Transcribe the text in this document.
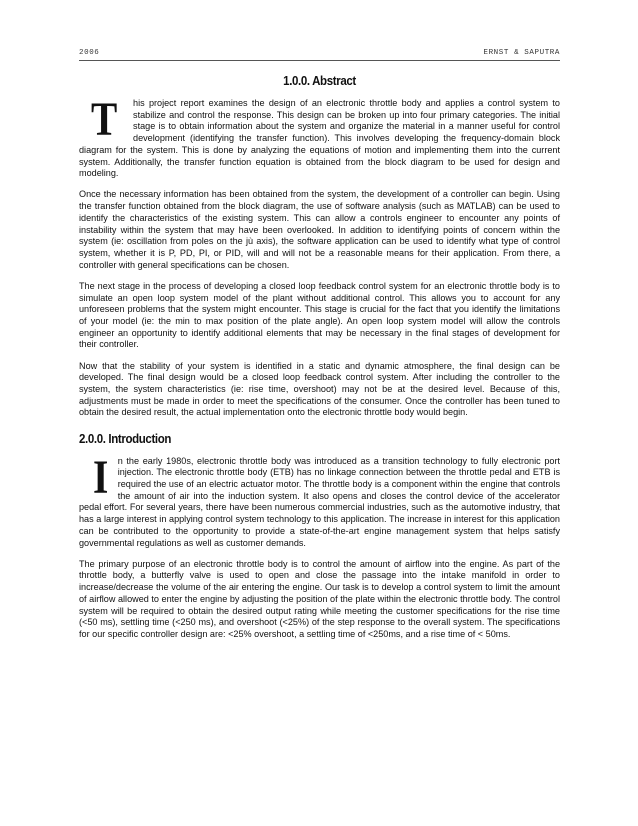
2006	ERNST & SAPUTRA
1.0.0. Abstract

T his project report examines the design of an electronic throttle body and applies a control system to stabilize and control the response. This design can be broken up into four primary categories. The initial stage is to obtain information about the system and organize the material in a manner useful for control development (identifying the transfer function). This involves developing the frequency-domain block diagram for the system. This is done by analyzing the equations of motion and implementing them into the current system. Additionally, the transfer function equation is obtained from the block diagram to be used for design and modeling.

Once the necessary information has been obtained from the system, the development of a controller can begin. Using the transfer function obtained from the block diagram, the use of software analysis (such as MATLAB) can be used to identify the characteristics of the existing system. This can allow a controls engineer to encounter any points of instability within the system that may have been overlooked. In addition to identifying points of concern within the system (ie: oscillation from poles on the jù axis), the software application can be used to identify what type of control system, whether it is P, PD, PI, or PID, will and will not be a reasonable means for their application. From there, a controller with general specifications can be chosen.

The next stage in the process of developing a closed loop feedback control system for an electronic throttle body is to simulate an open loop system model of the plant without additional control. This allows you to account for any unforeseen problems that the system might encounter. This stage is crucial for the fact that you identify the limitations of your model (ie: the min to max position of the plate angle). An open loop system model will allow the controls engineer an opportunity to identify additional elements that may be necessary in the final stages of development for their controller.

Now that the stability of your system is identified in a static and dynamic atmosphere, the final design can be developed. The final design would be a closed loop feedback control system. After including the controller to the system, the system characteristics (ie: rise time, overshoot) may not be at the desired level. Because of this, adjustments must be made in order to meet the specifications of the consumer. Once the controller has been tuned to obtain the desired result, the actual implementation onto the electronic throttle body would begin.

2.0.0. Introduction

I n the early 1980s, electronic throttle body was introduced as a transition technology to fully electronic port injection. The electronic throttle body (ETB) has no linkage connection between the throttle pedal and ETB is required the use of an electric actuator motor. The throttle body is a component within the engine that controls the amount of air into the induction system. It also opens and closes the control device of the accelerator pedal effort. For several years, there have been numerous commercial industries, such as the automotive industry, that has a large interest in applying control system technology to this application. The increase in interest for this application can be contributed to the opportunity to provide a state-of-the-art engine management system that helps satisfy governmental regulations as well as customer demands.

The primary purpose of an electronic throttle body is to control the amount of airflow into the engine. As part of the throttle body, a butterfly valve is used to open and close the passage into the intake manifold in order to increase/decrease the volume of the air entering the engine. Our task is to develop a control system to limit the amount of airflow allowed to enter the engine by adjusting the position of the plate within the electronic throttle body. The control system will be required to obtain the desired output rating while meeting the customer specifications for the rise time (<50 ms), settling time (<250 ms), and overshoot (<25%) of the step response to the overall system. The specifications for our specific controller design are: <25% overshoot, a settling time of <250ms, and a rise time of < 50ms.
